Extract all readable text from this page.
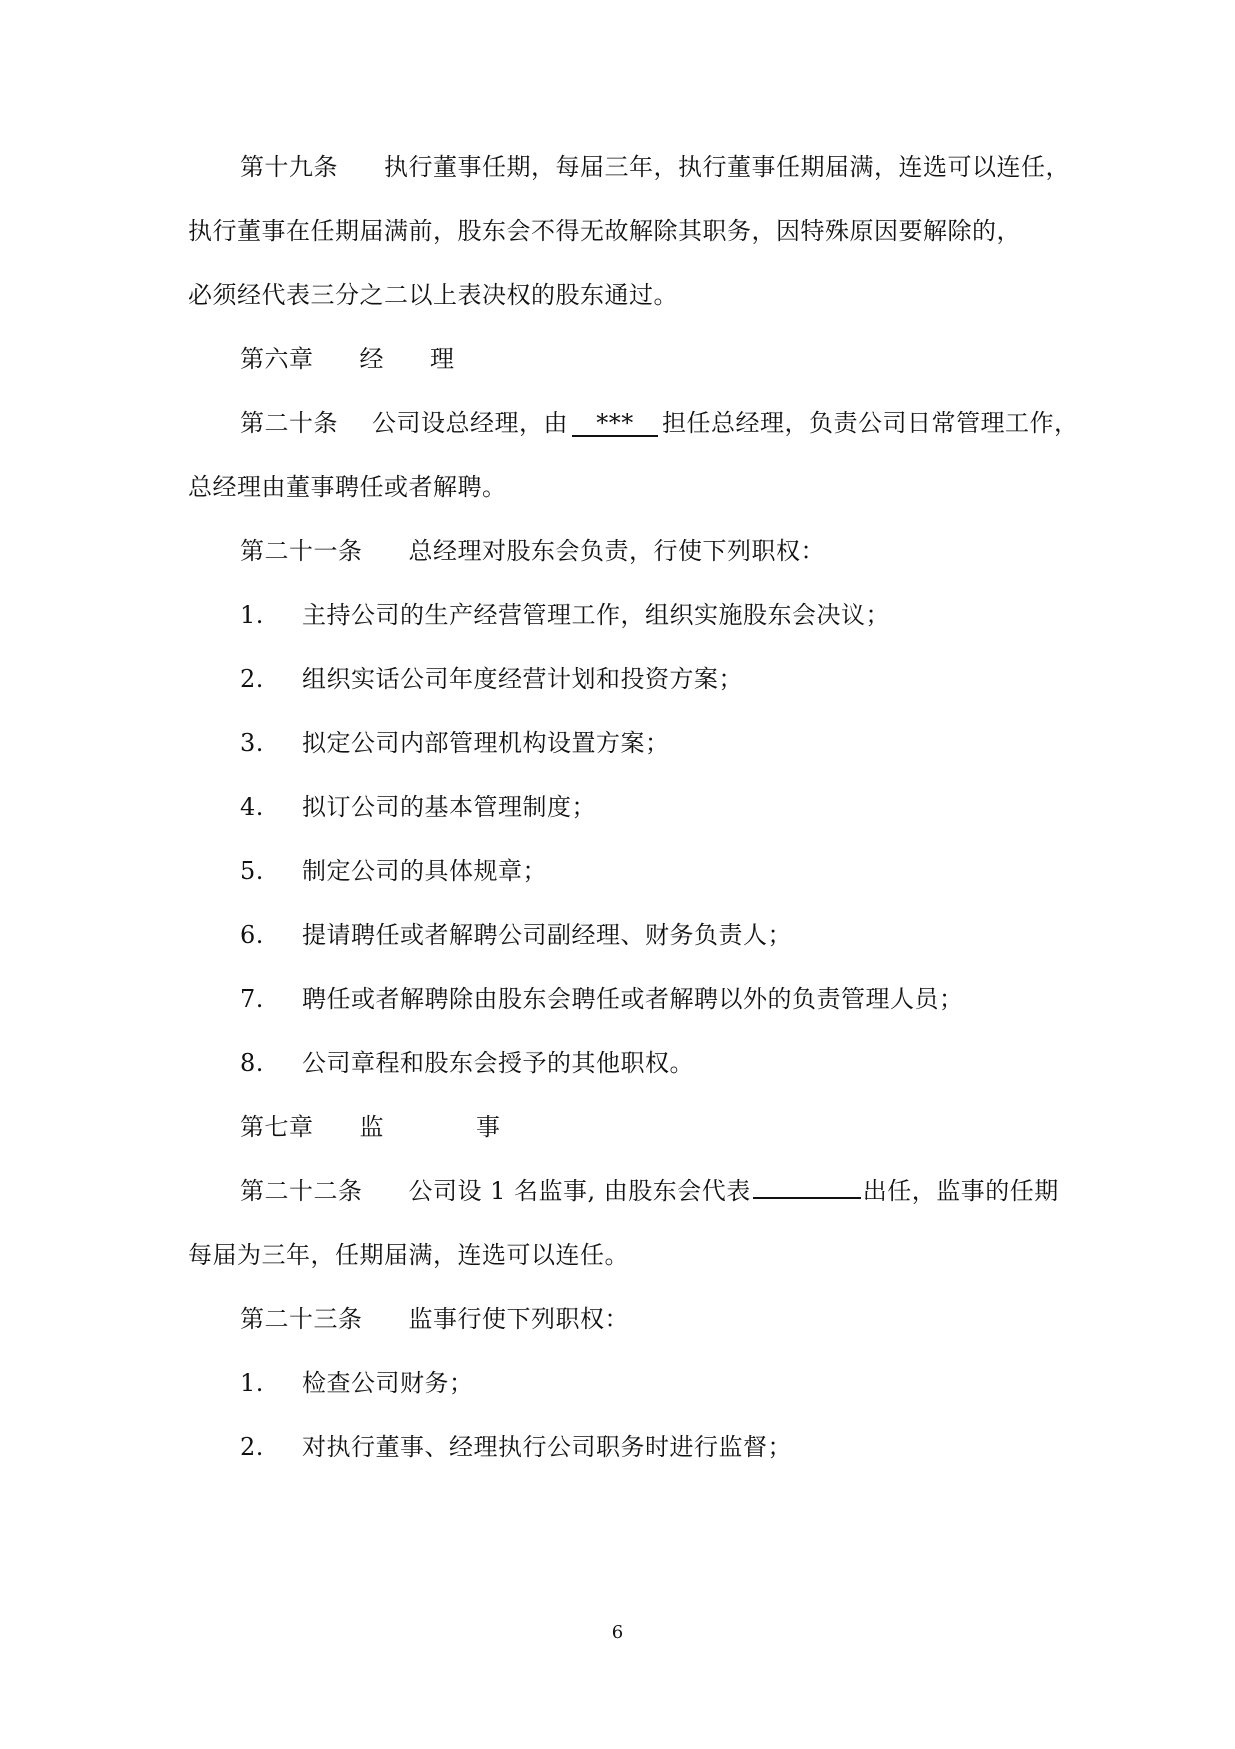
第十九条 执行董事任期，每届三年，执行董事任期届满，连选可以连任，
执行董事在任期届满前，股东会不得无故解除其职务，因特殊原因要解除的，
必须经代表三分之二以上表决权的股东通过。
第六章 经 理
第二十条 公司设总经理，由 *** 担任总经理，负责公司日常管理工作，
总经理由董事聘任或者解聘。
第二十一条 总经理对股东会负责，行使下列职权：
1. 主持公司的生产经营管理工作，组织实施股东会决议；
2. 组织实话公司年度经营计划和投资方案；
3. 拟定公司内部管理机构设置方案；
4. 拟订公司的基本管理制度；
5. 制定公司的具体规章；
6. 提请聘任或者解聘公司副经理、财务负责人；
7. 聘任或者解聘除由股东会聘任或者解聘以外的负责管理人员；
8. 公司章程和股东会授予的其他职权。
第七章 监	事
第二十二条 公司设 1 名监事, 由股东会代表	出任，监事的任期
每届为三年，任期届满，连选可以连任。
第二十三条 监事行使下列职权：
1. 检查公司财务；
2. 对执行董事、经理执行公司职务时进行监督；
6
